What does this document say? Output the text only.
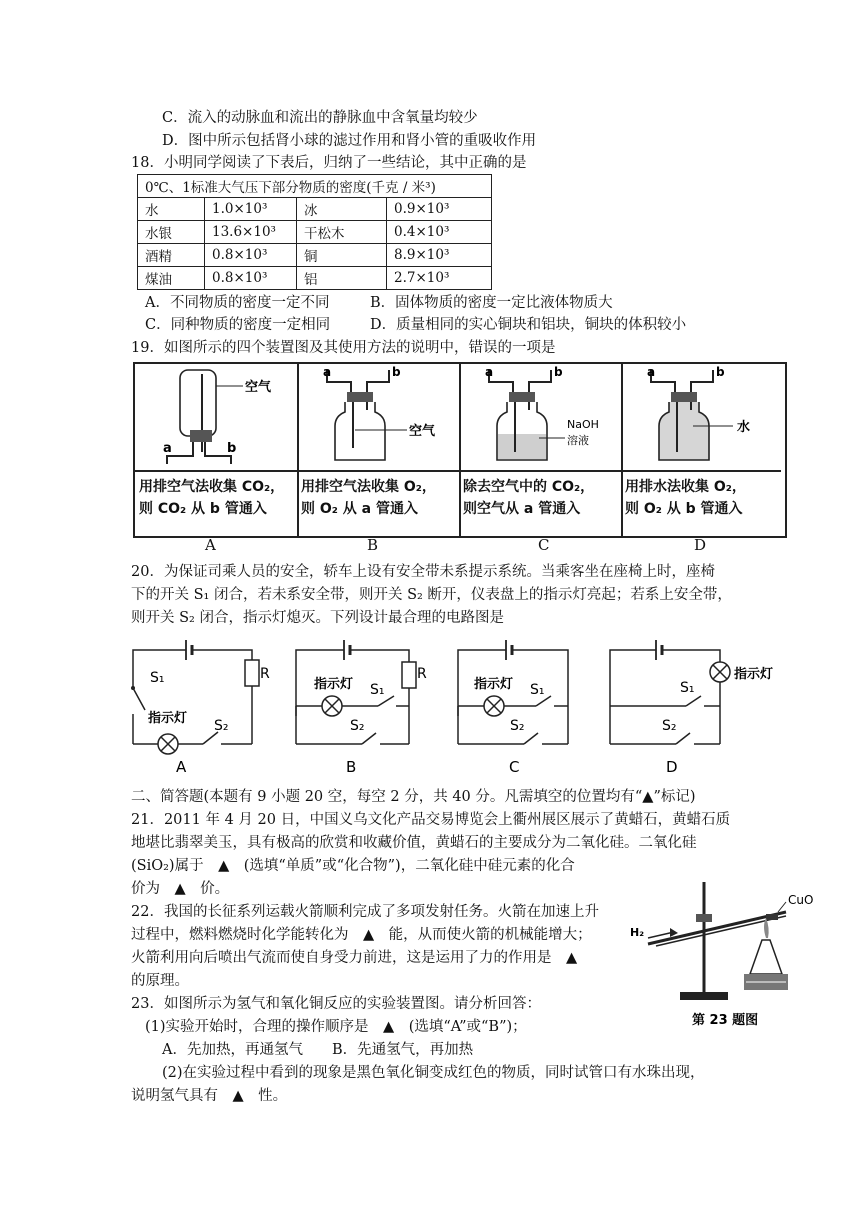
C．流入的动脉血和流出的静脉血中含氧量均较少
D．图中所示包括肾小球的滤过作用和肾小管的重吸收作用
18．小明同学阅读了下表后，归纳了一些结论，其中正确的是
0℃、1标准大气压下部分物质的密度(千克 / 米³)			
水	1.0×10³	冰	0.9×10³
水银	13.6×10³	干松木	0.4×10³
酒精	0.8×10³	铜	8.9×10³
煤油	0.8×10³	铝	2.7×10³
A．不同物质的密度一定不同	B．固体物质的密度一定比液体物质大
C．同种物质的密度一定相同	D．质量相同的实心铜块和铝块，铜块的体积较小
19．如图所示的四个装置图及其使用方法的说明中，错误的一项是
空气
a	b
用排空气法收集 CO₂，
则 CO₂ 从 b 管通入
空气
a	b
用排空气法收集 O₂，
则 O₂ 从 a 管通入
NaOH
溶液
a	b
除去空气中的 CO₂，
则空气从 a 管通入
水
a	b
用排水法收集 O₂，
则 O₂ 从 b 管通入
A	B	C	D
20．为保证司乘人员的安全，轿车上设有安全带未系提示系统。当乘客坐在座椅上时，座椅
下的开关 S₁ 闭合，若未系安全带，则开关 S₂ 断开，仪表盘上的指示灯亮起；若系上安全带，
则开关 S₂ 闭合，指示灯熄灭。下列设计最合理的电路图是
S₁	R
指示灯 S₂
A
指示灯 S₁
R
S₂
B
指示灯 S₁
S₂
C
指示灯
S₁
S₂
D
二、简答题(本题有 9 小题 20 空，每空 2 分，共 40 分。凡需填空的位置均有“▲”标记)
21．2011 年 4 月 20 日，中国义乌文化产品交易博览会上衢州展区展示了黄蜡石，黄蜡石质
地堪比翡翠美玉，具有极高的欣赏和收藏价值，黄蜡石的主要成分为二氧化硅。二氧化硅
(SiO₂)属于　▲　(选填“单质”或“化合物”)，二氧化硅中硅元素的化合
价为　▲　价。
22．我国的长征系列运载火箭顺利完成了多项发射任务。火箭在加速上升
过程中，燃料燃烧时化学能转化为　▲　能，从而使火箭的机械能增大；
火箭利用向后喷出气流而使自身受力前进，这是运用了力的作用是　▲
的原理。
23．如图所示为氢气和氧化铜反应的实验装置图。请分析回答：
(1)实验开始时，合理的操作顺序是　▲　(选填“A”或“B”)；
A．先加热，再通氢气　　B．先通氢气，再加热
(2)在实验过程中看到的现象是黑色氧化铜变成红色的物质，同时试管口有水珠出现，
说明氢气具有　▲　性。
CuO
H₂
第 23 题图
